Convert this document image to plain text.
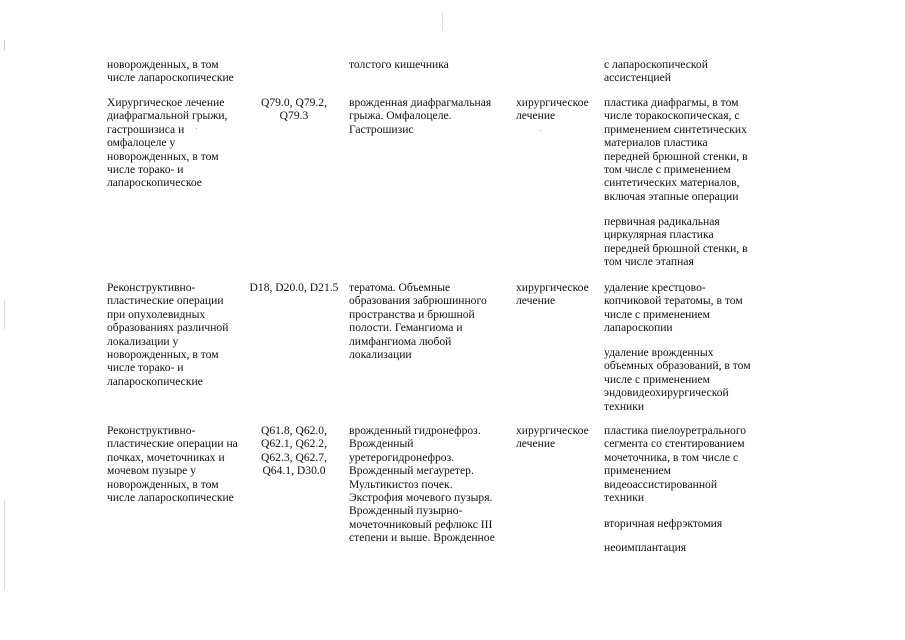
новорожденных, в том
числе лапароскопические

толстого кишечника	с лапароскопической
ассистенцией

Хирургическое лечение
диафрагмальной грыжи,
гастрошизиса и
омфалоцеле у
новорожденных, в том
числе торако- и
лапароскопическое

Q79.0, Q79.2,
Q79.3

врожденная диафрагмальная
грыжа. Омфалоцеле.
Гастрошизис

хирургическое
лечение

пластика диафрагмы, в том
числе торакоскопическая, с
применением синтетических
материалов пластика
передней брюшной стенки, в
том числе с применением
синтетических материалов,
включая этапные операции

первичная радикальная
циркулярная пластика
передней брюшной стенки, в
том числе этапная

Реконструктивно-
пластические операции
при опухолевидных
образованиях различной
локализации у
новорожденных, в том
числе торако- и
лапароскопические

D18, D20.0, D21.5 тератома. Объемные
образования забрюшинного
пространства и брюшной
полости. Гемангиома и
лимфангиома любой
локализации

хирургическое
лечение

удаление крестцово-
копчиковой тератомы, в том
числе с применением
лапароскопии

удаление врожденных
объемных образований, в том
числе с применением
эндовидеохирургической
техники

Реконструктивно-
пластические операции на
почках, мочеточниках и
мочевом пузыре у
новорожденных, в том
числе лапароскопические

Q61.8, Q62.0,
Q62.1, Q62.2,
Q62.3, Q62.7,
Q64.1, D30.0

врожденный гидронефроз.
Врожденный
уретерогидронефроз.
Врожденный мегауретер.
Мультикистоз почек.
Экстрофия мочевого пузыря.
Врожденный пузырно-
мочеточниковый рефлюкс III
степени и выше. Врожденное

хирургическое
лечение

пластика пиелоуретрального
сегмента со стентированием
мочеточника, в том числе с
применением
видеоассистированной
техники

вторичная нефрэктомия

неоимплантация
